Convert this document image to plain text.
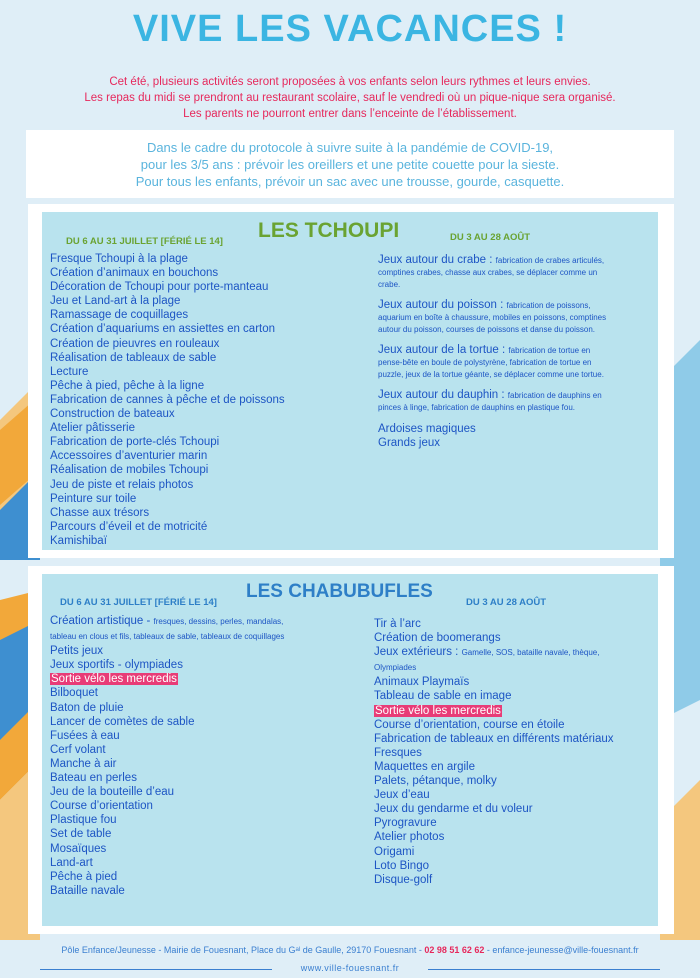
VIVE LES VACANCES !
Cet été, plusieurs activités seront proposées à vos enfants selon leurs rythmes et leurs envies.
Les repas du midi se prendront au restaurant scolaire, sauf le vendredi où un pique-nique sera organisé.
Les parents ne pourront entrer dans l’enceinte de l’établissement.
Dans le cadre du protocole à suivre suite à la pandémie de COVID-19,
pour les 3/5 ans : prévoir les oreillers et une petite couette pour la sieste.
Pour tous les enfants, prévoir un sac avec une trousse, gourde, casquette.
LES TCHOUPI
DU 6 AU 31 JUILLET [FÉRIÉ LE 14]	DU 3 AU 28 AOÛT
Fresque Tchoupi à la plage
Création d’animaux en bouchons
Décoration de Tchoupi pour porte-manteau
Jeu et Land-art à la plage
Ramassage de coquillages
Création d’aquariums en assiettes en carton
Création de pieuvres en rouleaux
Réalisation de tableaux de sable
Lecture
Pêche à pied, pêche à la ligne
Fabrication de cannes à pêche et de poissons
Construction de bateaux
Atelier pâtisserie
Fabrication de porte-clés Tchoupi
Accessoires d’aventurier marin
Réalisation de mobiles Tchoupi
Jeu de piste et relais photos
Peinture sur toile
Chasse aux trésors
Parcours d’éveil et de motricité
Kamishibaï
Jeux autour du crabe : fabrication de crabes articulés, comptines crabes, chasse aux crabes, se déplacer comme un crabe.
Jeux autour du poisson : fabrication de poissons, aquarium en boîte à chaussure, mobiles en poissons, comptines autour du poisson, courses de poissons et danse du poisson.
Jeux autour de la tortue : fabrication de tortue en pense-bête en boule de polystyrène, fabrication de tortue en puzzle, jeux de la tortue géante, se déplacer comme une tortue.
Jeux autour du dauphin : fabrication de dauphins en pinces à linge, fabrication de dauphins en plastique fou.
Ardoises magiques
Grands jeux
LES CHABUBUFLES
DU 6 AU 31 JUILLET [FÉRIÉ LE 14]	DU 3 AU 28 AOÛT
Création artistique - fresques, dessins, perles, mandalas,
tableau en clous et fils, tableaux de sable, tableaux de coquillages
Petits jeux
Jeux sportifs - olympiades
Sortie vélo les mercredis
Bilboquet
Baton de pluie
Lancer de comètes de sable
Fusées à eau
Cerf volant
Manche à air
Bateau en perles
Jeu de la bouteille d’eau
Course d’orientation
Plastique fou
Set de table
Mosaïques
Land-art
Pêche à pied
Bataille navale
Tir à l’arc
Création de boomerangs
Jeux extérieurs : Gamelle, SOS, bataille navale, thèque,
Olympiades
Animaux Playmaïs
Tableau de sable en image
Sortie vélo les mercredis
Course d’orientation, course en étoile
Fabrication de tableaux en différents matériaux
Fresques
Maquettes en argile
Palets, pétanque, molky
Jeux d’eau
Jeux du gendarme et du voleur
Pyrogravure
Atelier photos
Origami
Loto Bingo
Disque-golf
Pôle Enfance/Jeunesse - Mairie de Fouesnant, Place du Gᵃˡ de Gaulle, 29170 Fouesnant - 02 98 51 62 62 - enfance-jeunesse@ville-fouesnant.fr
www.ville-fouesnant.fr
